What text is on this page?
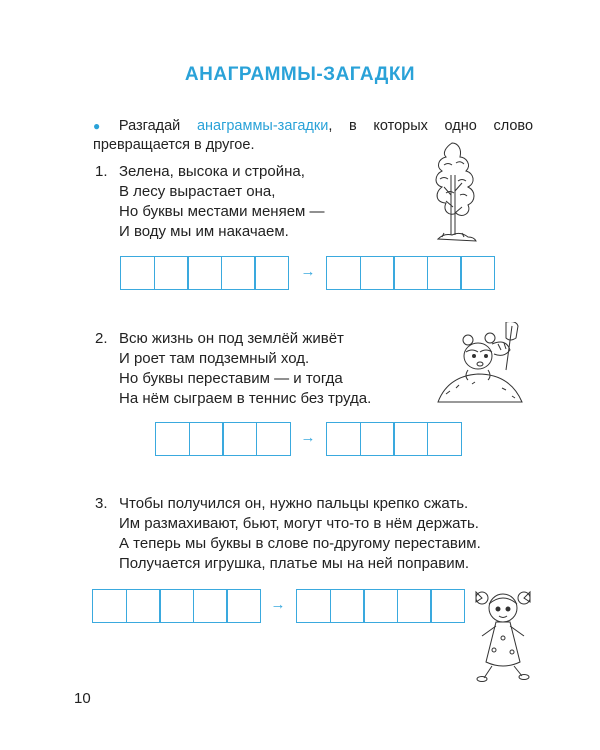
АНАГРАММЫ-ЗАГАДКИ
● Разгадай анаграммы-загадки, в которых одно слово превращается в другое.
1. Зелена, высока и стройна,
В лесу вырастает она,
Но буквы местами меняем —
И воду мы им накачаем.
→
2. Всю жизнь он под землёй живёт
И роет там подземный ход.
Но буквы переставим — и тогда
На нём сыграем в теннис без труда.
→
3. Чтобы получился он, нужно пальцы крепко сжать.
Им размахивают, бьют, могут что-то в нём держать.
А теперь мы буквы в слове по-другому переставим.
Получается игрушка, платье мы на ней поправим.
→
10
